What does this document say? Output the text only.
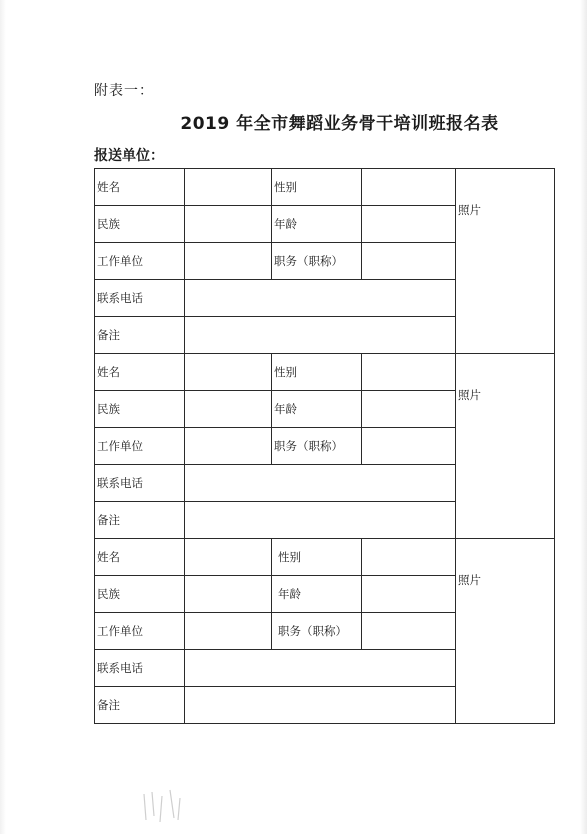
附表一：
2019 年全市舞蹈业务骨干培训班报名表
报送单位：
姓名		性别		照片
民族		年龄		
工作单位		职务（职称）		
联系电话				
备注				
姓名		性别		照片
民族		年龄		
工作单位		职务（职称）		
联系电话				
备注				
姓名		性别		照片
民族		年龄		
工作单位		职务（职称）		
联系电话				
备注				
